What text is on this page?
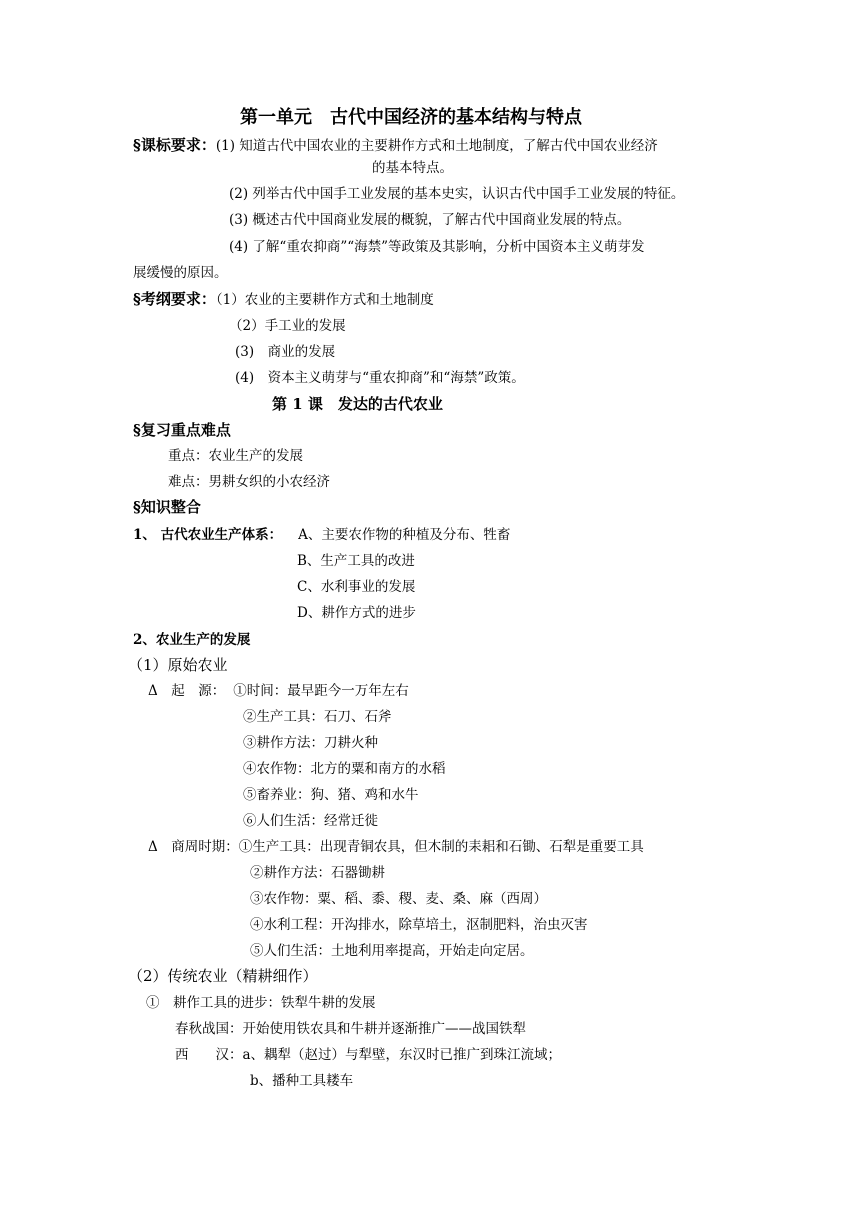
第一单元　古代中国经济的基本结构与特点
§课标要求：(1) 知道古代中国农业的主要耕作方式和土地制度，了解古代中国农业经济
的基本特点。
(2) 列举古代中国手工业发展的基本史实，认识古代中国手工业发展的特征。
(3) 概述古代中国商业发展的概貌，了解古代中国商业发展的特点。
(4) 了解“重农抑商”“海禁”等政策及其影响，分析中国资本主义萌芽发
展缓慢的原因。
§考纲要求：（1）农业的主要耕作方式和土地制度
（2）手工业的发展
(3)　商业的发展
(4)　资本主义萌芽与“重农抑商”和“海禁”政策。
第 1 课　发达的古代农业
§复习重点难点
重点：农业生产的发展
难点：男耕女织的小农经济
§知识整合
1、 古代农业生产体系： A、主要农作物的种植及分布、牲畜
B、生产工具的改进
C、水利事业的发展
D、耕作方式的进步
2、农业生产的发展
（1）原始农业
Δ　起　源： ①时间：最早距今一万年左右
②生产工具：石刀、石斧
③耕作方法：刀耕火种
④农作物：北方的粟和南方的水稻
⑤畜养业：狗、猪、鸡和水牛
⑥人们生活：经常迁徙
Δ　商周时期：①生产工具：出现青铜农具，但木制的耒耜和石锄、石犁是重要工具
②耕作方法：石器锄耕
③农作物：粟、稻、黍、稷、麦、桑、麻（西周）
④水利工程：开沟排水，除草培土，沤制肥料，治虫灭害
⑤人们生活：土地利用率提高，开始走向定居。
（2）传统农业（精耕细作）
①　耕作工具的进步：铁犁牛耕的发展
春秋战国：开始使用铁农具和牛耕并逐渐推广——战国铁犁
西　　汉：a、耦犁（赵过）与犁壁，东汉时已推广到珠江流域；
b、播种工具耧车
